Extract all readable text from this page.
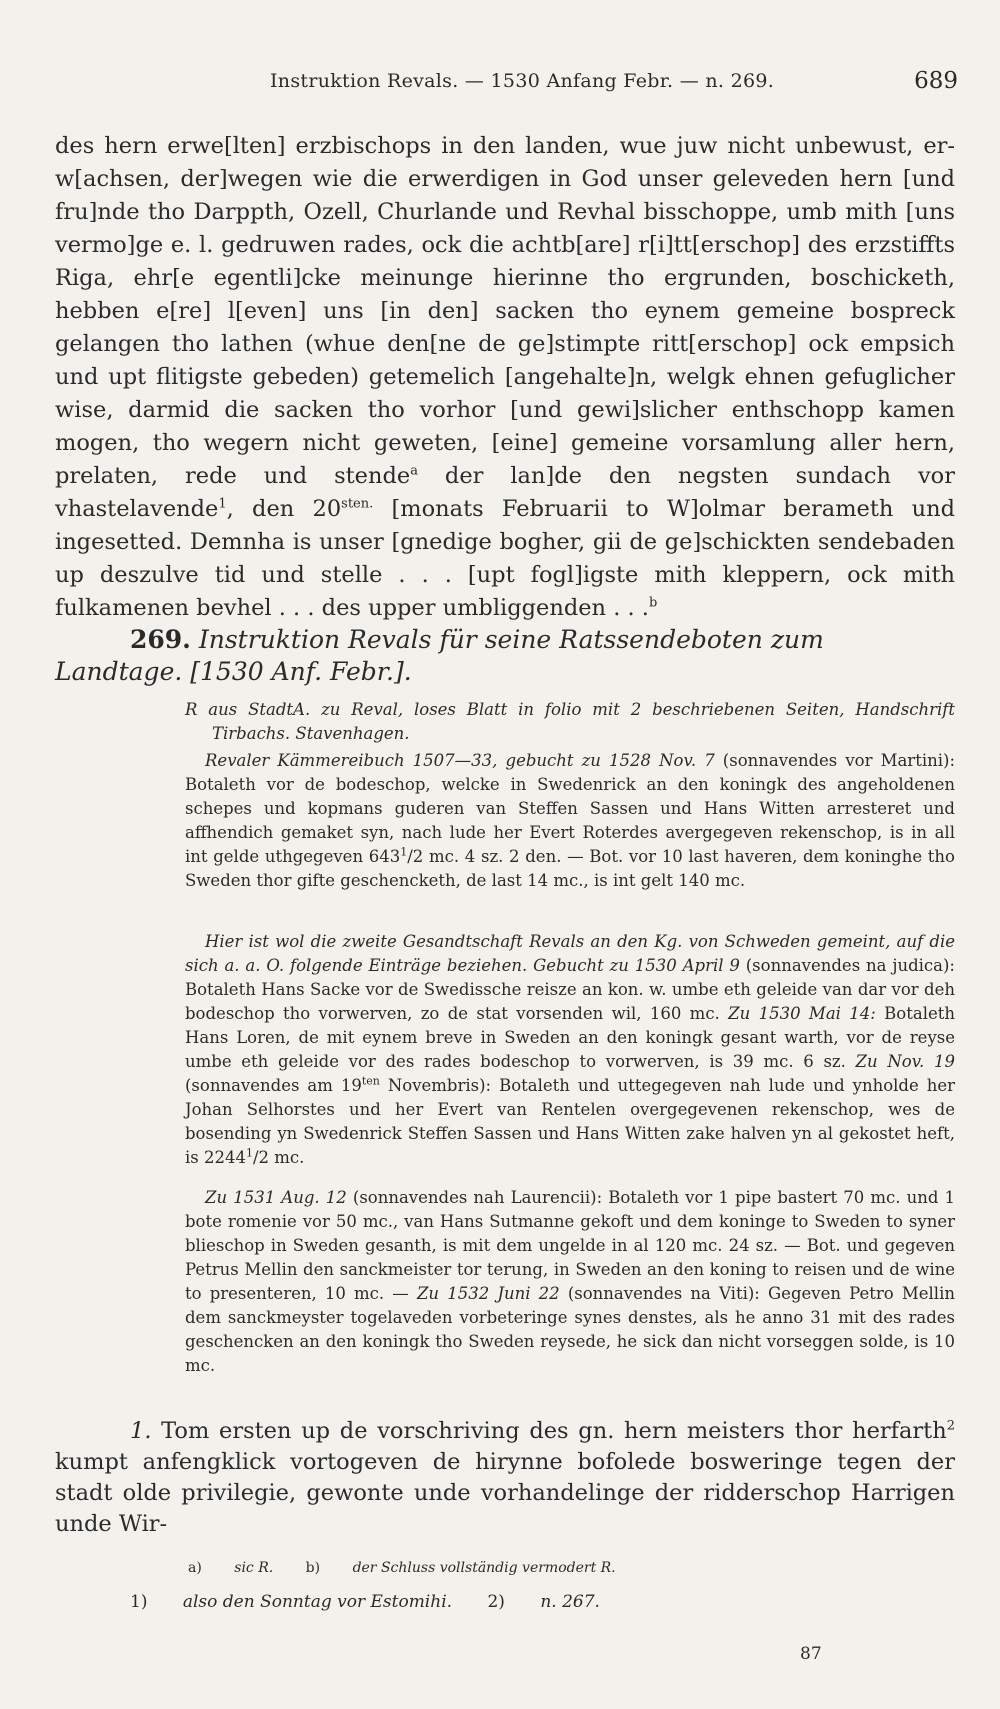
Instruktion Revals. — 1530 Anfang Febr. — n. 269.	689
des hern erwe[lten] erzbischops in den landen, wue juw nicht unbewust, er- w[achsen, der]wegen wie die erwerdigen in God unser geleveden hern [und fru]nde tho Darppth, Ozell, Churlande und Revhal bisschoppe, umb mith [uns vermo]ge e. l. gedruwen rades, ock die achtb[are] r[i]tt[erschop] des erzstiffts Riga, ehr[e egentli]cke meinunge hierinne tho ergrunden, boschicketh, hebben e[re] l[even] uns [in den] sacken tho eynem gemeine bospreck gelangen tho lathen (whue den[ne de ge]stimpte ritt[erschop] ock empsich und upt flitigste gebeden) getemelich [angehalte]n, welgk ehnen gefuglicher wise, darmid die sacken tho vorhor [und gewi]slicher enthschopp kamen mogen, tho wegern nicht geweten, [eine] gemeine vorsamlung aller hern, prelaten, rede und stende$^a$ der lan]de den negsten sundach vor vhastelavende$^1$, den $20^{sten.}$ [monats Februarii to W]olmar berameth und ingesetted. Demnha is unser [gnedige bogher, gii de ge]schickten sendebaden up deszulve tid und stelle . . . [upt fogl]igste mith kleppern, ock mith fulkamenen bevhel . . . des upper umbliggenden . . .$^b$
269. Instruktion Revals für seine Ratssendeboten zum Landtage. [1530 Anf. Febr.].

R aus StadtA. zu Reval, loses Blatt in folio mit 2 beschriebenen Seiten, Handschrift Tirbachs. Stavenhagen.

Revaler Kämmereibuch 1507—33, gebucht zu 1528 Nov. 7 (sonnavendes vor Martini): Botaleth vor de bodeschop, welcke in Swedenrick an den koningk des angeholdenen schepes und kopmans guderen van Steffen Sassen und Hans Witten arresteret und affhendich gemaket syn, nach lude her Evert Roterdes avergegeven rekenschop, is in all int gelde uthgegeven $643^1/2$ mc. 4 sz. 2 den. — Bot. vor 10 last haveren, dem koninghe tho Sweden thor gifte geschencketh, de last 14 mc., is int gelt 140 mc.

Hier ist wol die zweite Gesandtschaft Revals an den Kg. von Schweden gemeint, auf die sich a. a. O. folgende Einträge beziehen. Gebucht zu 1530 April 9 (sonnavendes na judica): Botaleth Hans Sacke vor de Swedissche reisze an kon. w. umbe eth geleide van dar vor deh bodeschop tho vorwerven, zo de stat vorsenden wil, 160 mc. Zu 1530 Mai 14: Botaleth Hans Loren, de mit eynem breve in Sweden an den koningk gesant warth, vor de reyse umbe eth geleide vor des rades bodeschop to vorwerven, is 39 mc. 6 sz. Zu Nov. 19 (sonnavendes am $19^{ten}$ Novembris): Botaleth und uttegegeven nah lude und ynholde her Johan Selhorstes und her Evert van Rentelen overgegevenen rekenschop, wes de bosending yn Swedenrick Steffen Sassen und Hans Witten zake halven yn al gekostet heft, is 2244$^1$/2 mc.

Zu 1531 Aug. 12 (sonnavendes nah Laurencii): Botaleth vor 1 pipe bastert 70 mc. und 1 bote romenie vor 50 mc., van Hans Sutmanne gekoft und dem koninge to Sweden to syner blieschop in Sweden gesanth, is mit dem ungelde in al 120 mc. 24 sz. — Bot. und gegeven Petrus Mellin den sanckmeister tor terung, in Sweden an den koning to reisen und de wine to presenteren, 10 mc. — Zu 1532 Juni 22 (sonnavendes na Viti): Gegeven Petro Mellin dem sanckmeyster togelaveden vorbeteringe synes denstes, als he anno 31 mit des rades geschencken an den koningk tho Sweden reysede, he sick dan nicht vorseggen solde, is 10 mc.

1. Tom ersten up de vorschriving des gn. hern meisters thor herfarth$^2$ kumpt anfengklick vortogeven de hirynne bofolede bosweringe tegen der stadt olde privilegie, gewonte unde vorhandelinge der ridderschop Harrigen unde Wir-

a) sic R. b) der Schluss vollständig vermodert R.
1) also den Sonntag vor Estomihi. 2) n. 267.
87
